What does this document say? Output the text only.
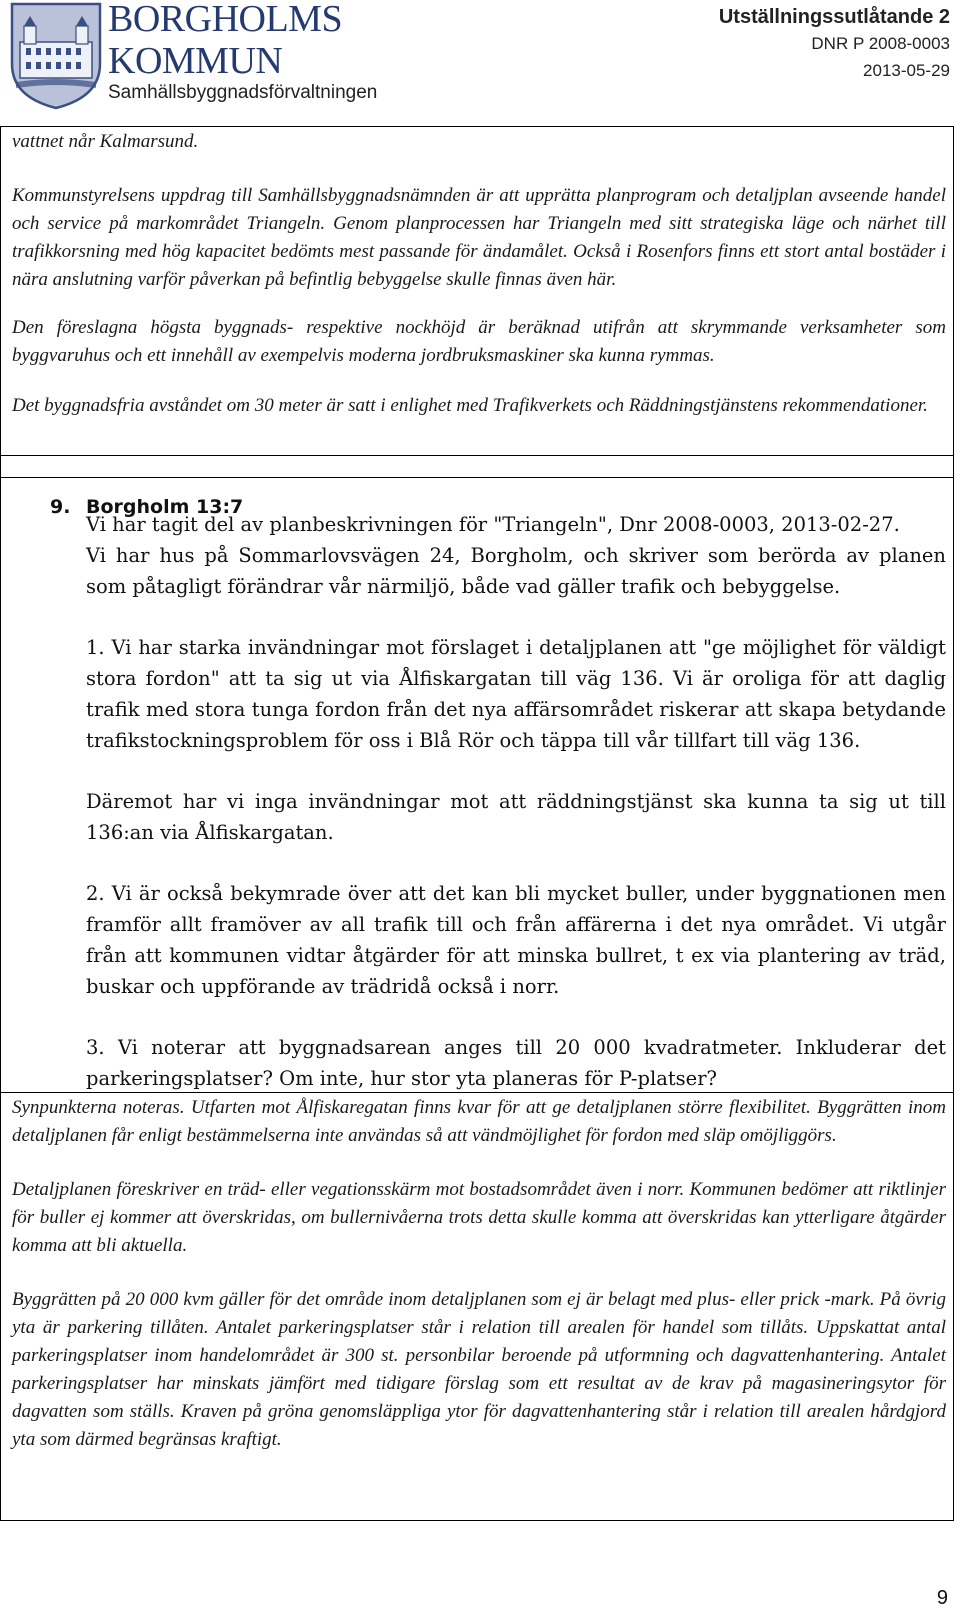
BORGHOLMS
KOMMUN
Samhällsbyggnadsförvaltningen
Utställningssutlåtande 2
DNR P 2008-0003
2013-05-29

vattnet når Kalmarsund.

Kommunstyrelsens uppdrag till Samhällsbyggnadsnämnden är att upprätta planprogram och detaljplan avseende handel och service på markområdet Triangeln. Genom planprocessen har Triangeln med sitt strategiska läge och närhet till trafikkorsning med hög kapacitet bedömts mest passande för ändamålet. Också i Rosenfors finns ett stort antal bostäder i nära anslutning varför påverkan på befintlig bebyggelse skulle finnas även här.

Den föreslagna högsta byggnads- respektive nockhöjd är beräknad utifrån att skrymmande verksamheter som byggvaruhus och ett innehåll av exempelvis moderna jordbruksmaskiner ska kunna rymmas.

Det byggnadsfria avståndet om 30 meter är satt i enlighet med Trafikverkets och Räddningstjänstens rekommendationer.

9. Borgholm 13:7

Vi har tagit del av planbeskrivningen för "Triangeln", Dnr 2008-0003, 2013-02-27.

Vi har hus på Sommarlovsvägen 24, Borgholm, och skriver som berörda av planen som påtagligt förändrar vår närmiljö, både vad gäller trafik och bebyggelse.

1. Vi har starka invändningar mot förslaget i detaljplanen att "ge möjlighet för väldigt stora fordon" att ta sig ut via Ålfiskargatan till väg 136. Vi är oroliga för att daglig trafik med stora tunga fordon från det nya affärsområdet riskerar att skapa betydande trafikstockningsproblem för oss i Blå Rör och täppa till vår tillfart till väg 136.

Däremot har vi inga invändningar mot att räddningstjänst ska kunna ta sig ut till 136:an via Ålfiskargatan.

2. Vi är också bekymrade över att det kan bli mycket buller, under byggnationen men framför allt framöver av all trafik till och från affärerna i det nya området. Vi utgår från att kommunen vidtar åtgärder för att minska bullret, t ex via plantering av träd, buskar och uppförande av trädridå också i norr.

3. Vi noterar att byggnadsarean anges till 20 000 kvadratmeter. Inkluderar det parkeringsplatser? Om inte, hur stor yta planeras för P-platser?

Synpunkterna noteras. Utfarten mot Ålfiskaregatan finns kvar för att ge detaljplanen större flexibilitet. Byggrätten inom detaljplanen får enligt bestämmelserna inte användas så att vändmöjlighet för fordon med släp omöjliggörs.

Detaljplanen föreskriver en träd- eller vegationsskärm mot bostadsområdet även i norr. Kommunen bedömer att riktlinjer för buller ej kommer att överskridas, om bullernivåerna trots detta skulle komma att överskridas kan ytterligare åtgärder komma att bli aktuella.

Byggrätten på 20 000 kvm gäller för det område inom detaljplanen som ej är belagt med plus- eller prick -mark. På övrig yta är parkering tillåten. Antalet parkeringsplatser står i relation till arealen för handel som tillåts. Uppskattat antal parkeringsplatser inom handelområdet är 300 st. personbilar beroende på utformning och dagvattenhantering. Antalet parkeringsplatser har minskats jämfört med tidigare förslag som ett resultat av de krav på magasineringsytor för dagvatten som ställs. Kraven på gröna genomsläppliga ytor för dagvattenhantering står i relation till arealen hårdgjord yta som därmed begränsas kraftigt.

9
